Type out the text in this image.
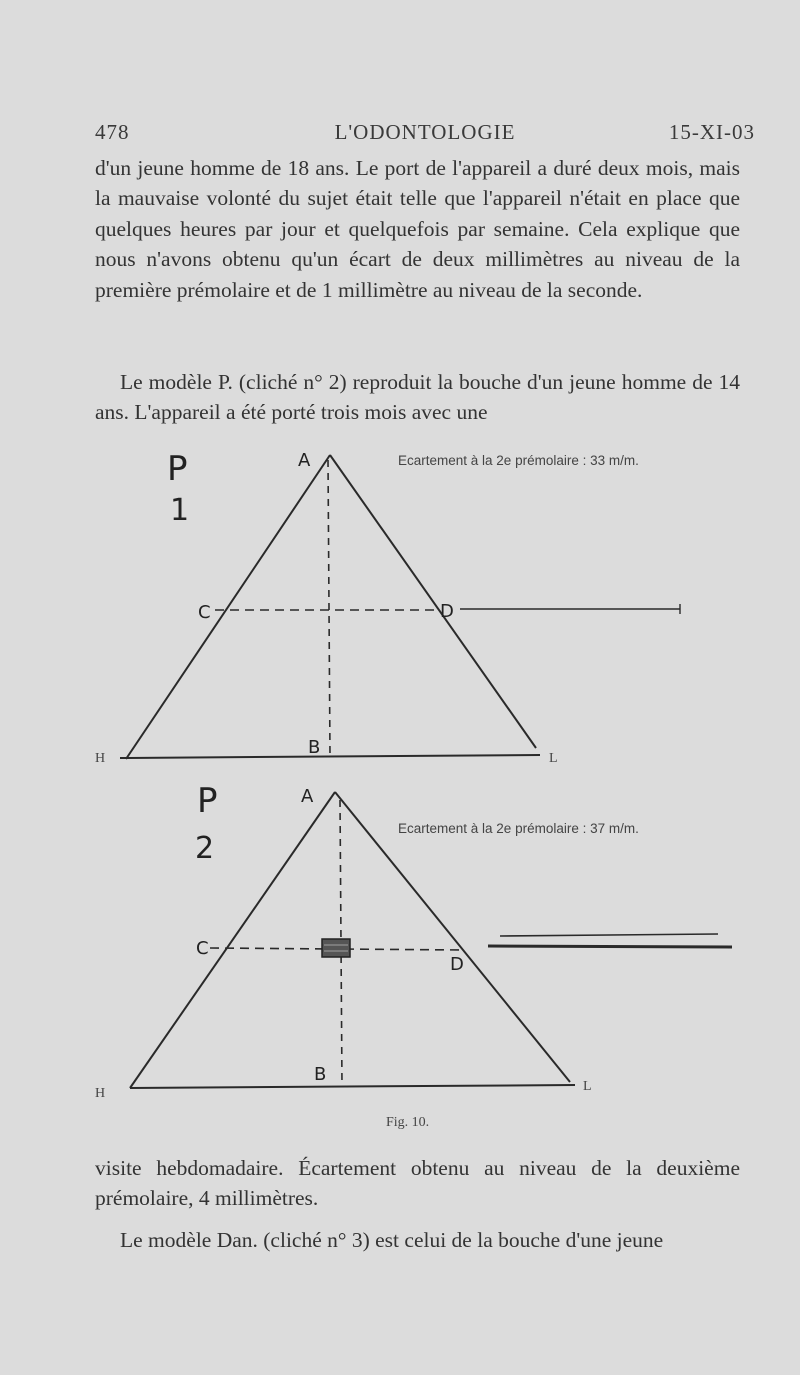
478	L'ODONTOLOGIE	15-XI-03

d'un jeune homme de 18 ans. Le port de l'appareil a duré deux mois, mais la mauvaise volonté du sujet était telle que l'appareil n'était en place que quelques heures par jour et quelquefois par semaine. Cela explique que nous n'avons obtenu qu'un écart de deux millimètres au niveau de la première prémolaire et de 1 millimètre au niveau de la seconde.

Le modèle P. (cliché n° 2) reproduit la bouche d'un jeune homme de 14 ans. L'appareil a été porté trois mois avec une

P
1
A
C	D
B
H	L
Ecartement à la 2e prémolaire : 33 m/m.
P
2
A
C
D
B
H	L
Ecartement à la 2e prémolaire : 37 m/m.
Fig. 10.

visite hebdomadaire. Écartement obtenu au niveau de la deuxième prémolaire, 4 millimètres.

Le modèle Dan. (cliché n° 3) est celui de la bouche d'une jeune
